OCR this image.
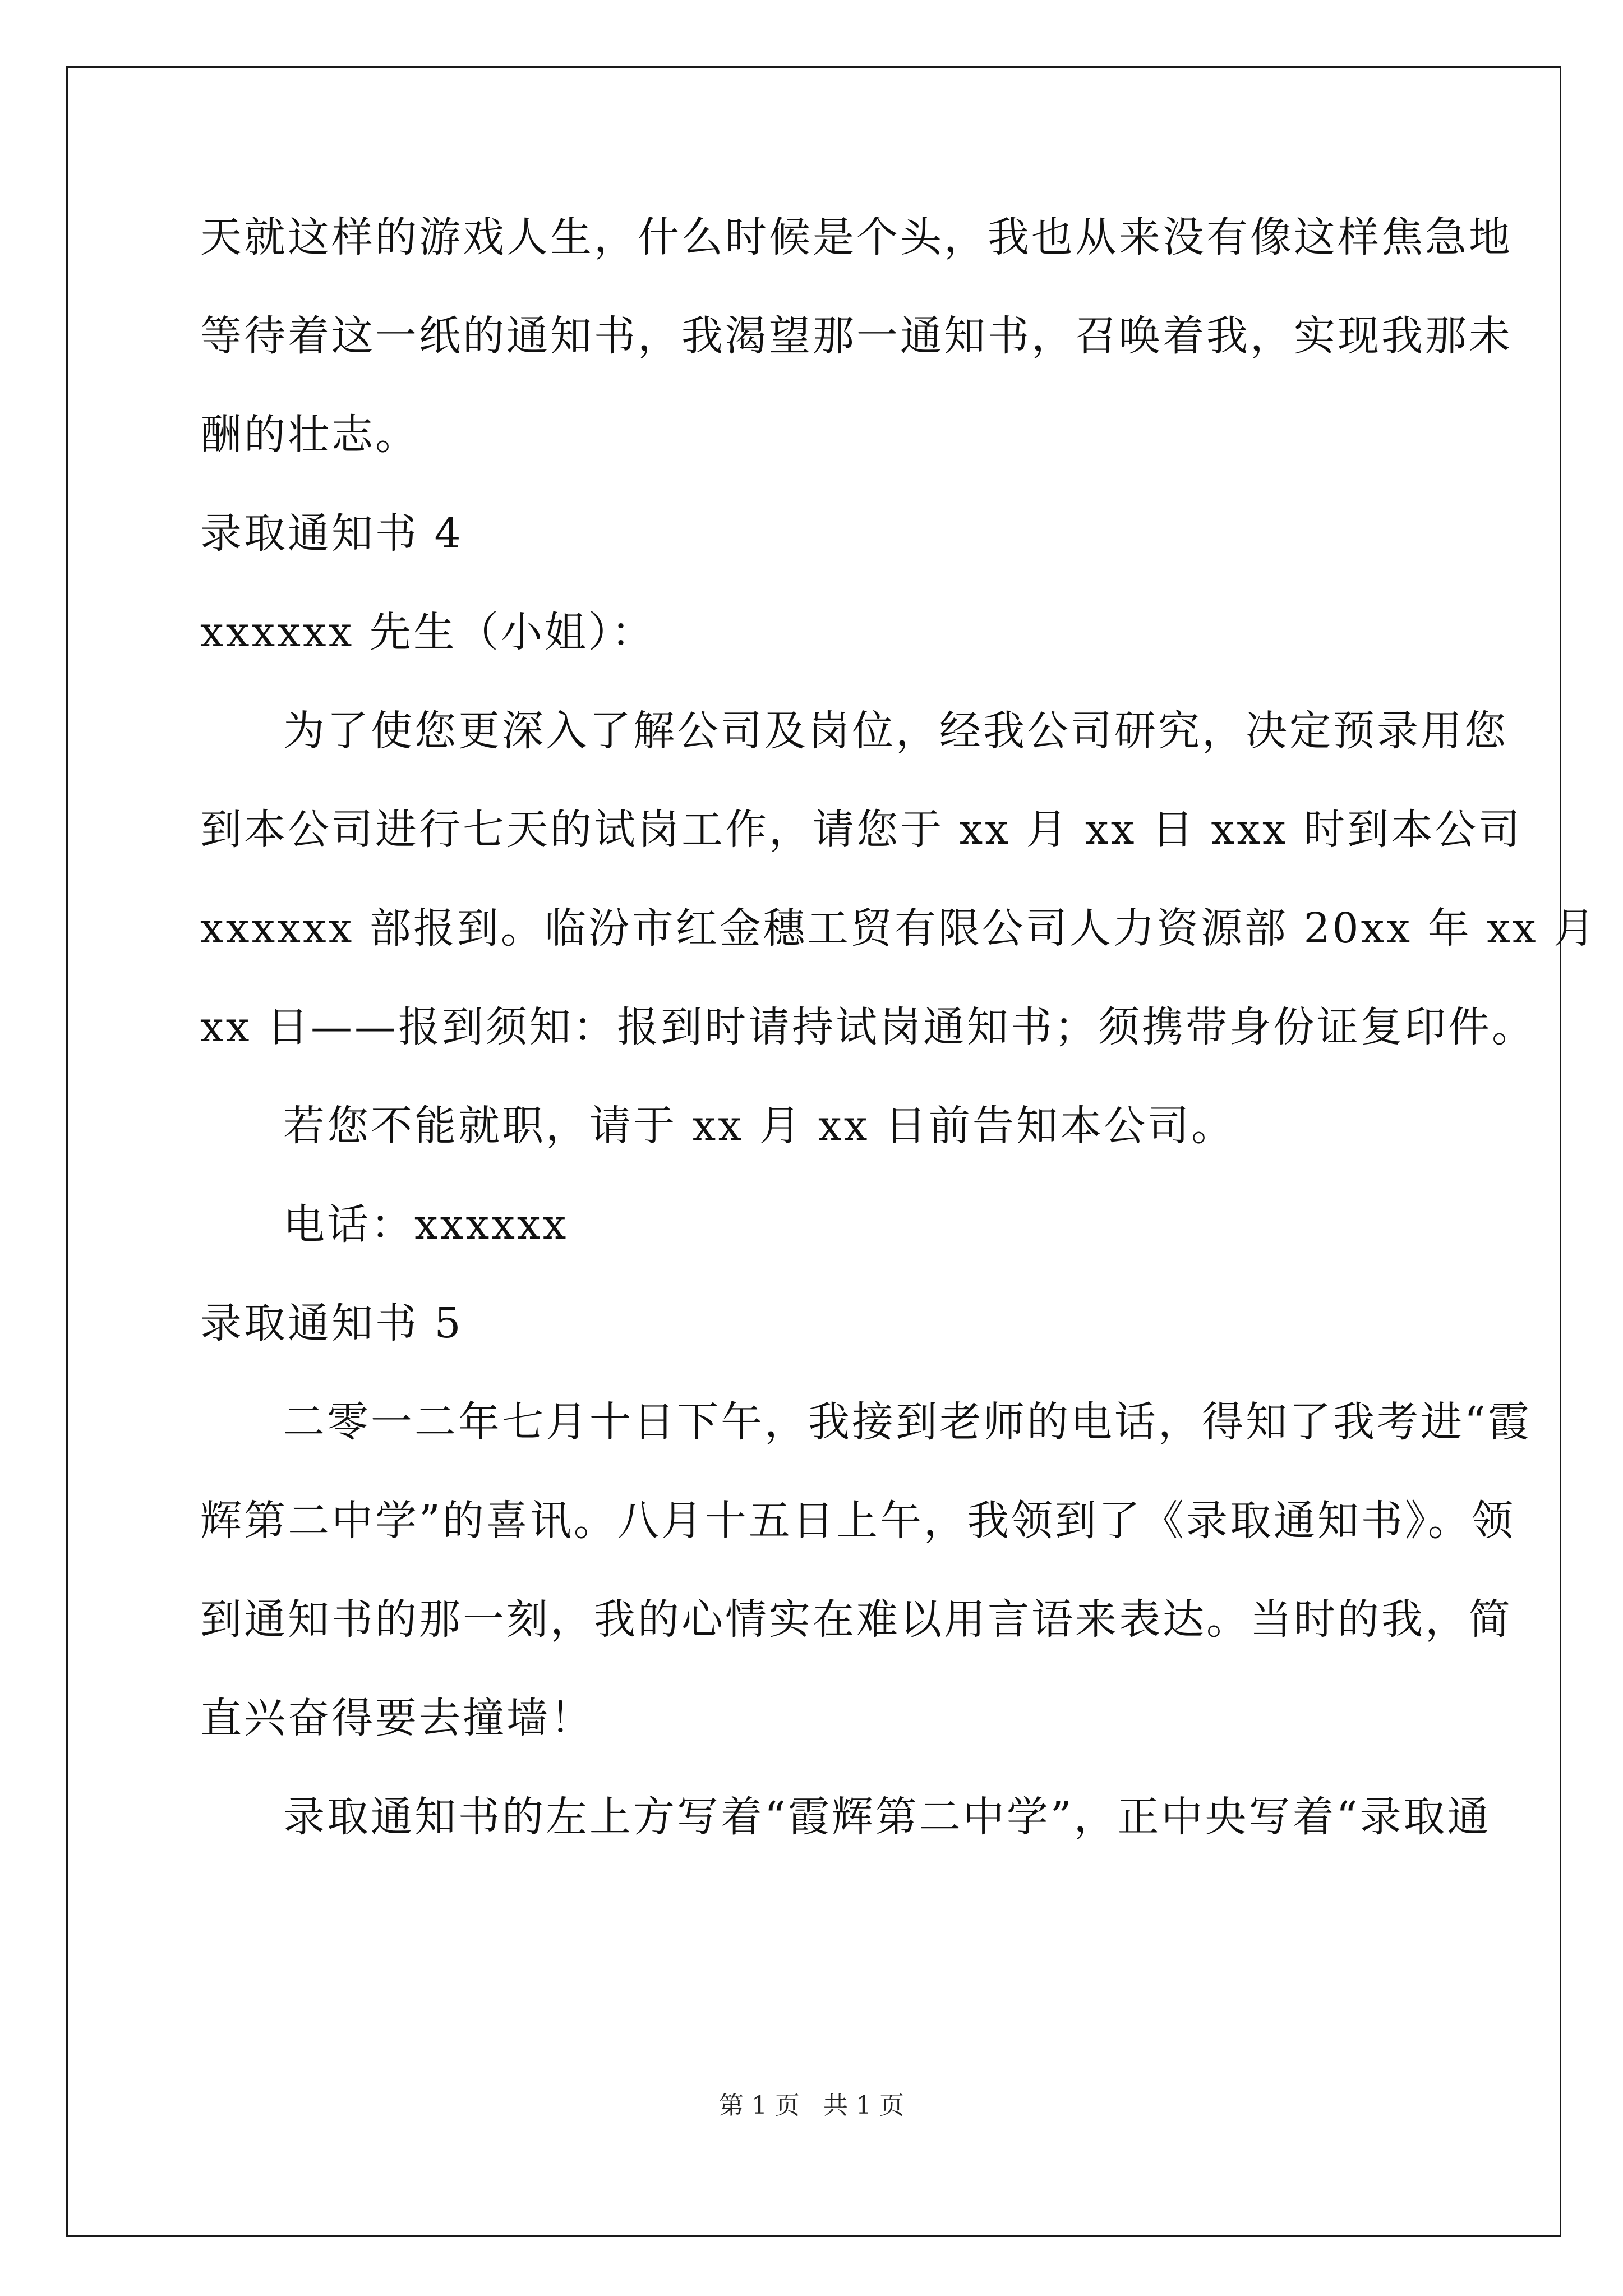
天就这样的游戏人生，什么时候是个头，我也从来没有像这样焦急地
等待着这一纸的通知书，我渴望那一通知书，召唤着我，实现我那未
酬的壮志。
录取通知书 4
xxxxxx 先生（小姐）：
为了使您更深入了解公司及岗位，经我公司研究，决定预录用您
到本公司进行七天的试岗工作，请您于 xx 月 xx 日 xxx 时到本公司
xxxxxx 部报到。临汾市红金穗工贸有限公司人力资源部 20xx 年 xx 月
xx 日——报到须知：报到时请持试岗通知书；须携带身份证复印件。
若您不能就职，请于 xx 月 xx 日前告知本公司。
电话：xxxxxx
录取通知书 5
二零一二年七月十日下午，我接到老师的电话，得知了我考进“霞
辉第二中学”的喜讯。八月十五日上午，我领到了《录取通知书》。领
到通知书的那一刻，我的心情实在难以用言语来表达。当时的我，简
直兴奋得要去撞墙！
录取通知书的左上方写着“霞辉第二中学”，正中央写着“录取通
第 1 页 共 1 页
